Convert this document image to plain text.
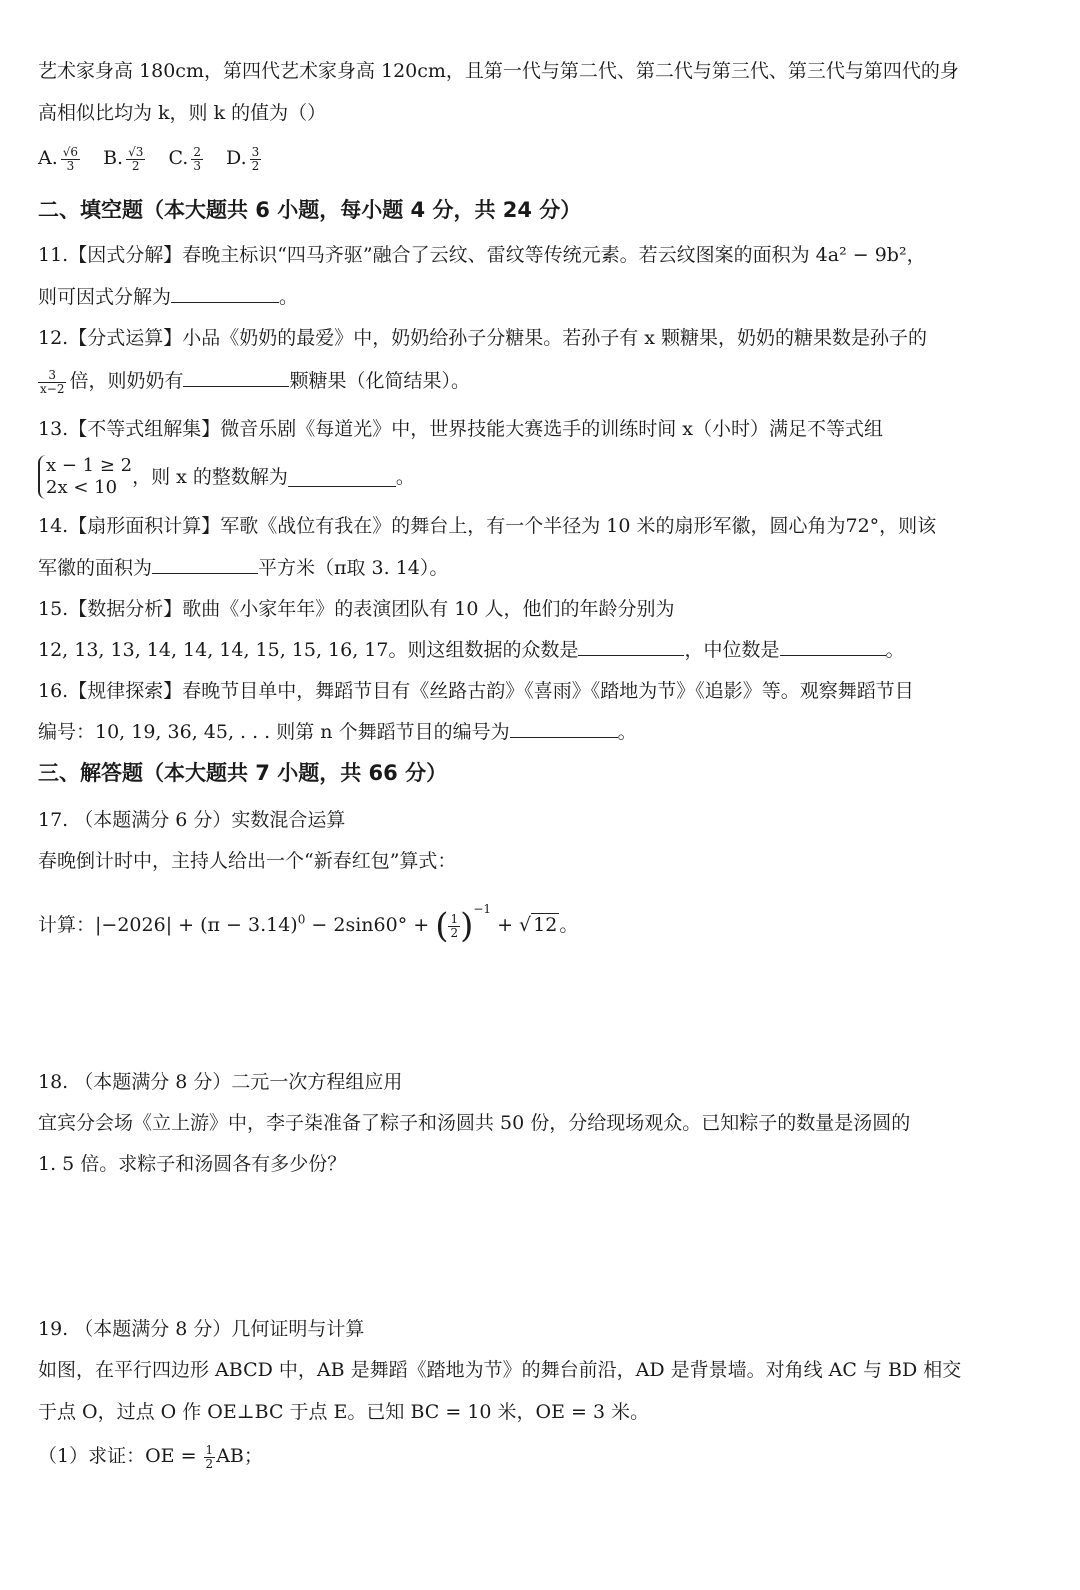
艺术家身高 180cm，第四代艺术家身高 120cm，且第一代与第二代、第二代与第三代、第三代与第四代的身
高相似比均为 k，则 k 的值为（）
A. $\frac{√6}{3} B$. $\frac{√3}{2} C$. $\frac{2}{3} D$. $\frac{3}{2}$
二、填空题（本大题共 6 小题，每小题 4 分，共 24 分）
11.【因式分解】春晚主标识“四马齐驱”融合了云纹、雷纹等传统元素。若云纹图案的面积为 4a² − 9b²，
则可因式分解为	。
12.【分式运算】小品《奶奶的最爱》中，奶奶给孙子分糖果。若孙子有 x 颗糖果，奶奶的糖果数是孙子的
$\frac{3}{x-2}$ 倍，则奶奶有	颗糖果（化简结果）。
13.【不等式组解集】微音乐剧《每道光》中，世界技能大赛选手的训练时间 x（小时）满足不等式组
x − 1 ≥ 2
2x < 10 ，则 x 的整数解为	。
14.【扇形面积计算】军歌《战位有我在》的舞台上，有一个半径为 10 米的扇形军徽，圆心角为72°，则该
军徽的面积为	平方米（π取 3. 14）。
15.【数据分析】歌曲《小家年年》的表演团队有 10 人，他们的年龄分别为
12, 13, 13, 14, 14, 14, 15, 15, 16, 17。则这组数据的众数是	，中位数是	。
16.【规律探索】春晚节目单中，舞蹈节目有《丝路古韵》《喜雨》《踏地为节》《追影》等。观察舞蹈节目
编号：10, 19, 36, 45, . . . 则第 n 个舞蹈节目的编号为	。
三、解答题（本大题共 7 小题，共 66 分）
17. （本题满分 6 分）实数混合运算
春晚倒计时中，主持人给出一个“新春红包”算式：
计算：$|-2026| + (\pi - 3.14)^0 - 2\sin 60^\circ$ + ( $\frac{1}{2} )^{-1}$ + √ 12 。
18. （本题满分 8 分）二元一次方程组应用
宜宾分会场《立上游》中，李子柒准备了粽子和汤圆共 50 份，分给现场观众。已知粽子的数量是汤圆的
1. 5 倍。求粽子和汤圆各有多少份？
19. （本题满分 8 分）几何证明与计算
如图，在平行四边形 ABCD 中，AB 是舞蹈《踏地为节》的舞台前沿，AD 是背景墙。对角线 AC 与 BD 相交
于点 O，过点 O 作 OE⊥BC 于点 E。已知 BC = 10 米，OE = 3 米。
（1）求证：OE = $\frac{1}{2}$ AB；
